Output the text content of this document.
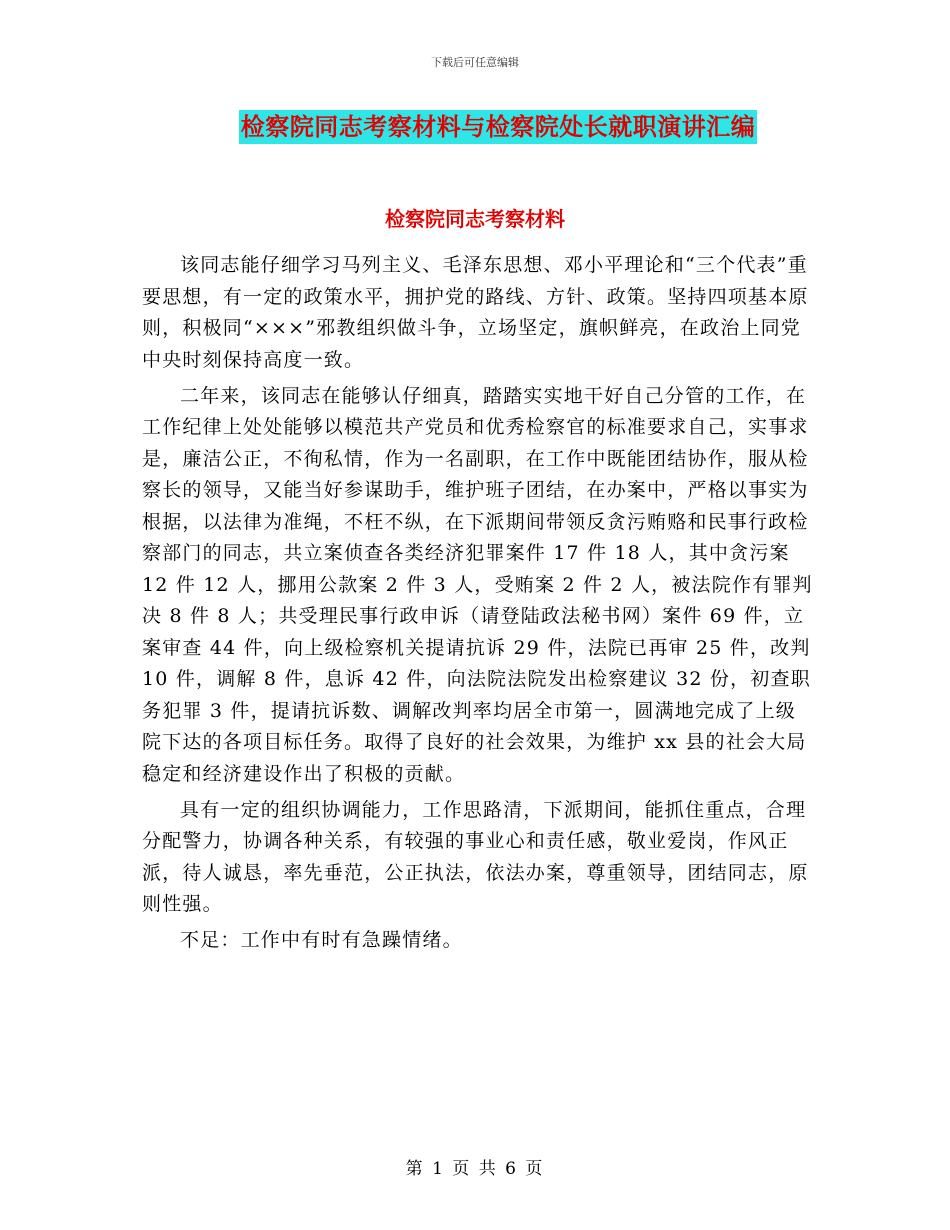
下载后可任意编辑
检察院同志考察材料与检察院处长就职演讲汇编
检察院同志考察材料

该同志能仔细学习马列主义、毛泽东思想、邓小平理论和“三个代表”重要思想，有一定的政策水平，拥护党的路线、方针、政策。坚持四项基本原则，积极同“×××”邪教组织做斗争，立场坚定，旗帜鲜亮，在政治上同党中央时刻保持高度一致。

二年来，该同志在能够认仔细真，踏踏实实地干好自己分管的工作，在工作纪律上处处能够以模范共产党员和优秀检察官的标准要求自己，实事求是，廉洁公正，不徇私情，作为一名副职，在工作中既能团结协作，服从检察长的领导，又能当好参谋助手，维护班子团结，在办案中，严格以事实为根据，以法律为准绳，不枉不纵，在下派期间带领反贪污贿赂和民事行政检察部门的同志，共立案侦查各类经济犯罪案件 17 件 18 人，其中贪污案 12 件 12 人，挪用公款案 2 件 3 人，受贿案 2 件 2 人，被法院作有罪判决 8 件 8 人；共受理民事行政申诉（请登陆政法秘书网）案件 69 件，立案审查 44 件，向上级检察机关提请抗诉 29 件，法院已再审 25 件，改判 10 件，调解 8 件，息诉 42 件，向法院法院发出检察建议 32 份，初查职务犯罪 3 件，提请抗诉数、调解改判率均居全市第一，圆满地完成了上级院下达的各项目标任务。取得了良好的社会效果，为维护 xx 县的社会大局稳定和经济建设作出了积极的贡献。

具有一定的组织协调能力，工作思路清，下派期间，能抓住重点，合理分配警力，协调各种关系，有较强的事业心和责任感，敬业爱岗，作风正派，待人诚恳，率先垂范，公正执法，依法办案，尊重领导，团结同志，原则性强。

不足：工作中有时有急躁情绪。

第 1 页 共 6 页
